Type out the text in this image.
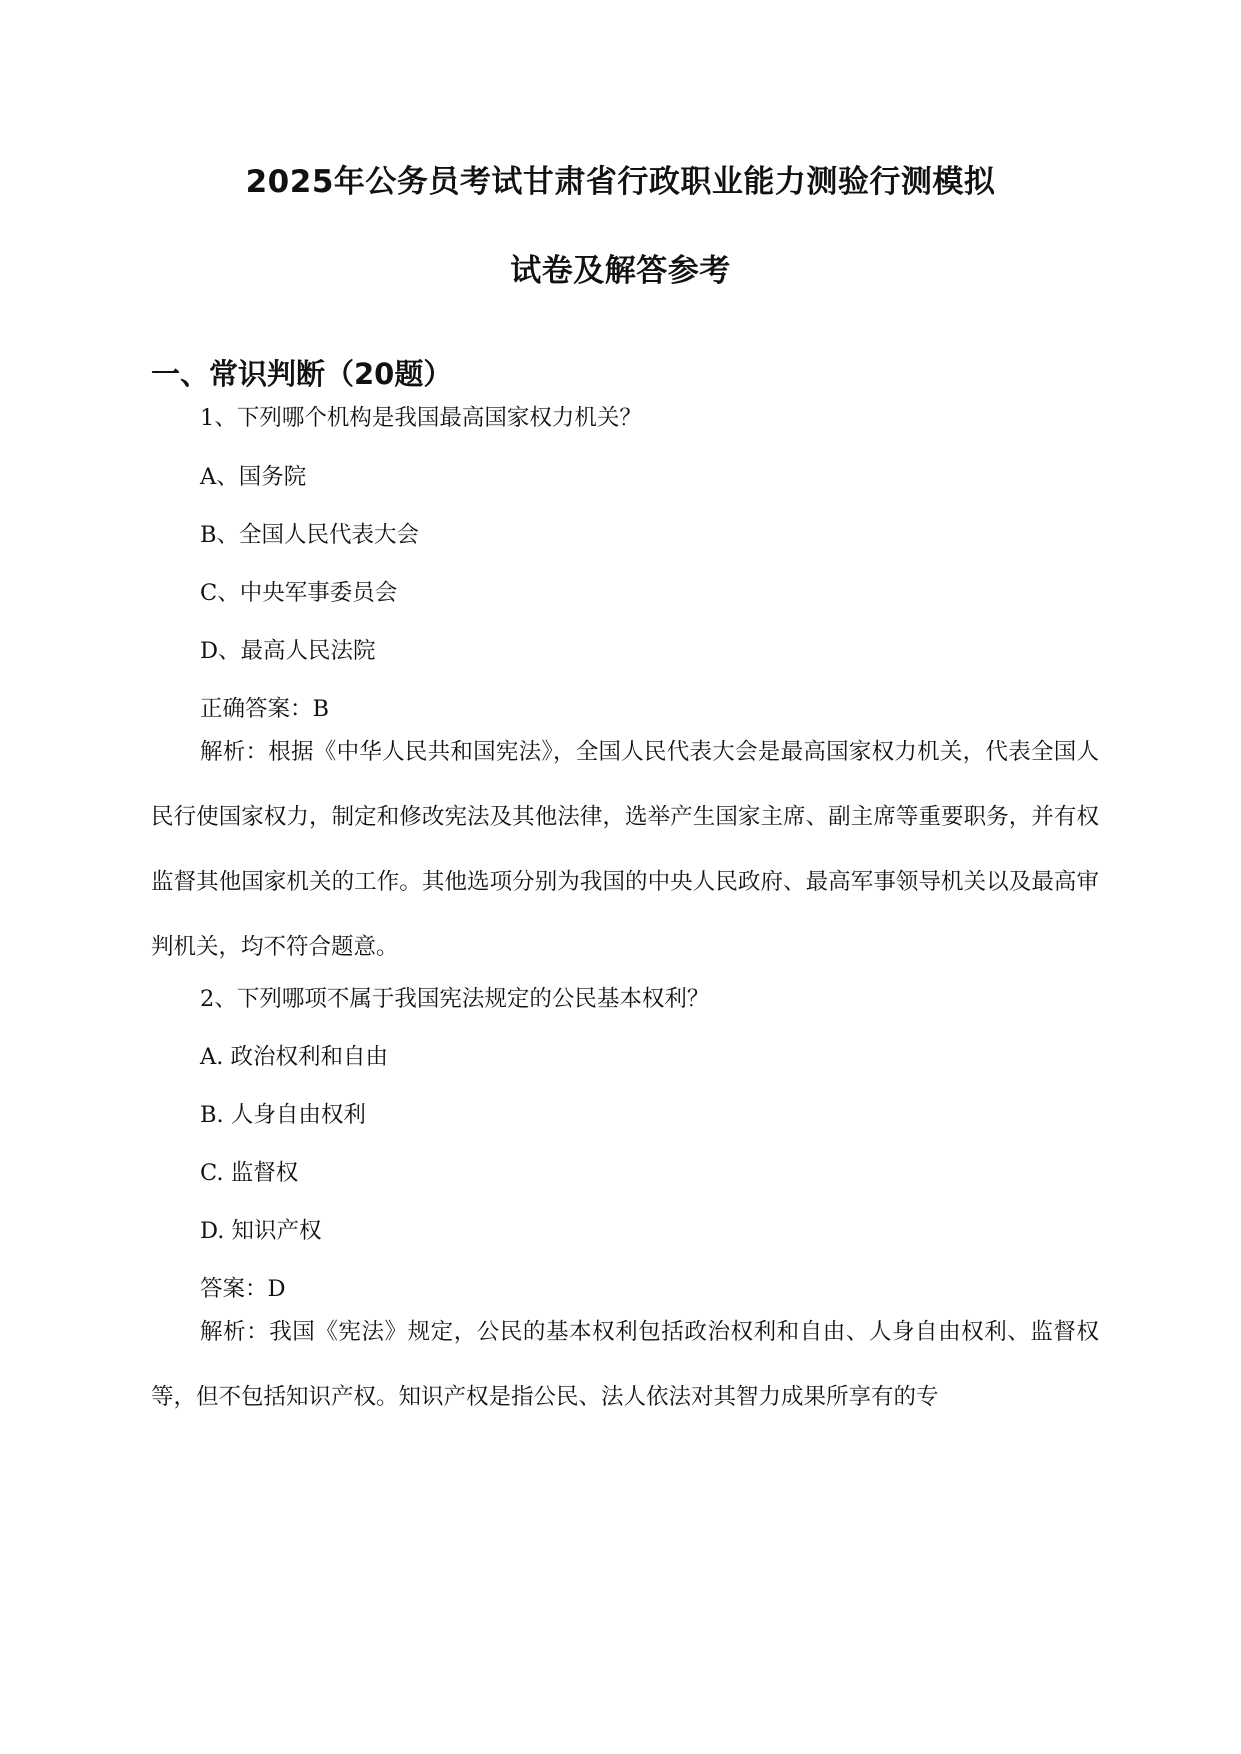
2025年公务员考试甘肃省行政职业能力测验行测模拟
试卷及解答参考
一、常识判断（20题）
1、下列哪个机构是我国最高国家权力机关？
A、国务院
B、全国人民代表大会
C、中央军事委员会
D、最高人民法院
正确答案：B
解析：根据《中华人民共和国宪法》，全国人民代表大会是最高国家权力机关，代表全国人民行使国家权力，制定和修改宪法及其他法律，选举产生国家主席、副主席等重要职务，并有权监督其他国家机关的工作。其他选项分别为我国的中央人民政府、最高军事领导机关以及最高审判机关，均不符合题意。
2、下列哪项不属于我国宪法规定的公民基本权利？
A. 政治权利和自由
B. 人身自由权利
C. 监督权
D. 知识产权
答案：D
解析：我国《宪法》规定，公民的基本权利包括政治权利和自由、人身自由权利、监督权等，但不包括知识产权。知识产权是指公民、法人依法对其智力成果所享有的专
